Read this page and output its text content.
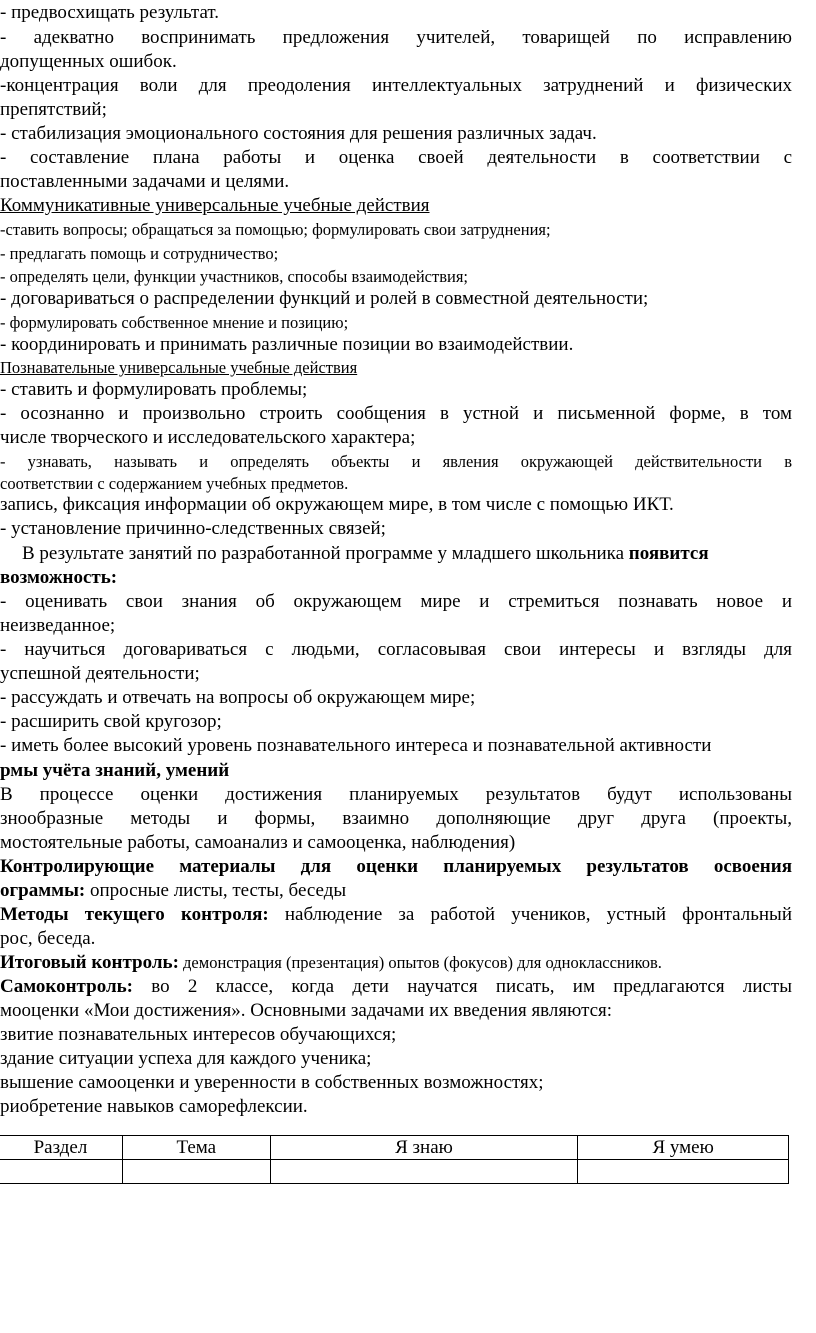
- предвосхищать результат.
- адекватно воспринимать предложения учителей, товарищей по исправлению
допущенных ошибок.
-концентрация воли для преодоления интеллектуальных затруднений и физических
препятствий;
- стабилизация эмоционального состояния для решения различных задач.
- составление плана работы и оценка своей деятельности в соответствии с
поставленными задачами и целями.
Коммуникативные универсальные учебные действия
-ставить вопросы; обращаться за помощью; формулировать свои затруднения;
- предлагать помощь и сотрудничество;
- определять цели, функции участников, способы взаимодействия;
- договариваться о распределении функций и ролей в совместной деятельности;
- формулировать собственное мнение и позицию;
- координировать и принимать различные позиции во взаимодействии.
Познавательные универсальные учебные действия
- ставить и формулировать проблемы;
- осознанно и произвольно строить сообщения в устной и письменной форме, в том
числе творческого и исследовательского характера;
- узнавать, называть и определять объекты и явления окружающей действительности в
соответствии с содержанием учебных предметов.
запись, фиксация информации об окружающем мире, в том числе с помощью ИКТ.
- установление причинно-следственных связей;
В результате занятий по разработанной программе у младшего школьника появится
возможность:
- оценивать свои знания об окружающем мире и стремиться познавать новое и
неизведанное;
- научиться договариваться с людьми, согласовывая свои интересы и взгляды для
успешной деятельности;
- рассуждать и отвечать на вопросы об окружающем мире;
- расширить свой кругозор;
- иметь более высокий уровень познавательного интереса и познавательной активности
рмы учёта знаний, умений
В процессе оценки достижения планируемых результатов будут использованы
знообразные методы и формы, взаимно дополняющие друг друга (проекты,
мостоятельные работы, самоанализ и самооценка, наблюдения)
Контролирующие материалы для оценки планируемых результатов освоения
ограммы: опросные листы, тесты, беседы
Методы текущего контроля: наблюдение за работой учеников, устный фронтальный
рос, беседа.
Итоговый контроль: демонстрация (презентация) опытов (фокусов) для одноклассников.
Самоконтроль: во 2 классе, когда дети научатся писать, им предлагаются листы
мооценки «Мои достижения». Основными задачами их введения являются:
звитие познавательных интересов обучающихся;
здание ситуации успеха для каждого ученика;
вышение самооценки и уверенности в собственных возможностях;
риобретение навыков саморефлексии.
Раздел	Тема	Я знаю	Я умею
